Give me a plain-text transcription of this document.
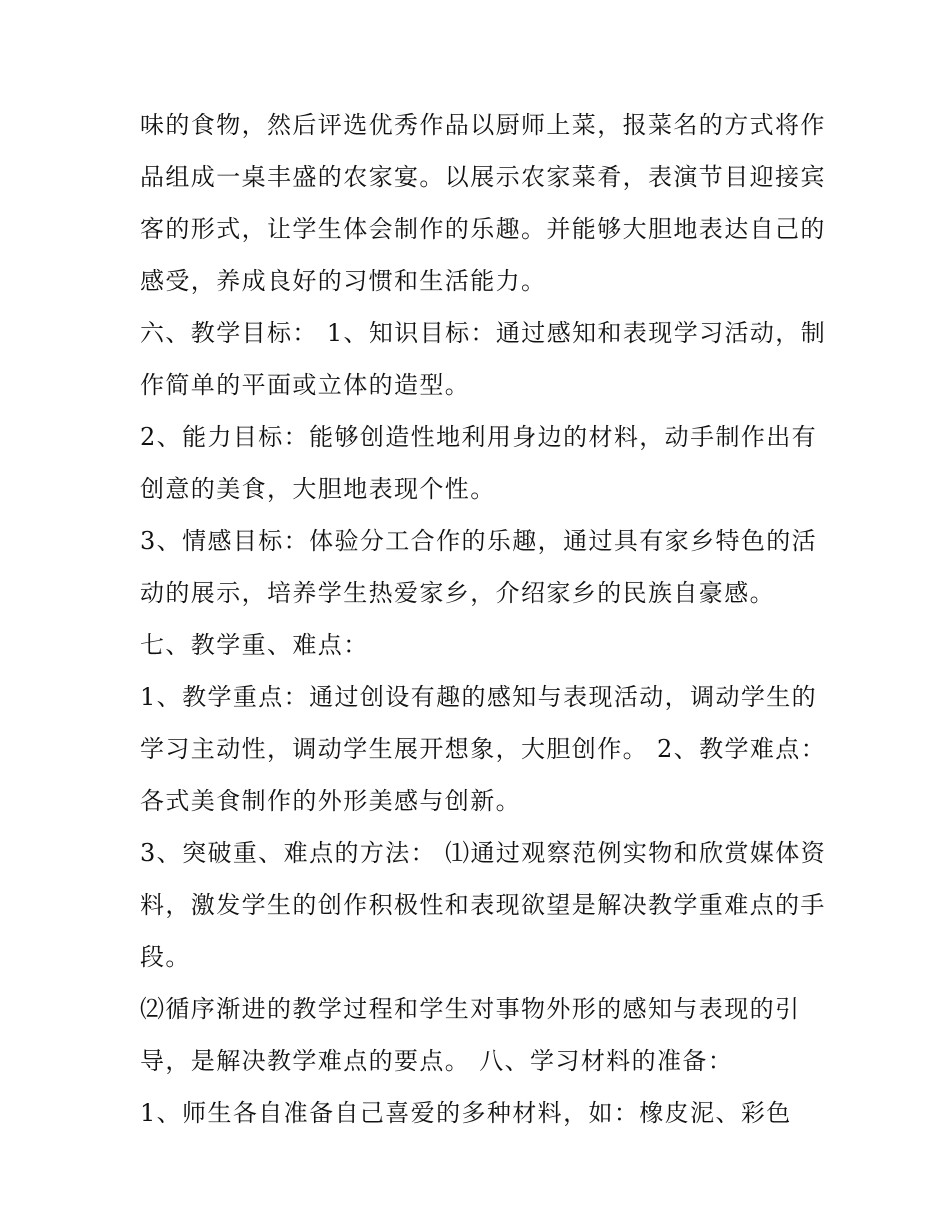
味的食物，然后评选优秀作品以厨师上菜，报菜名的方式将作
品组成一桌丰盛的农家宴。以展示农家菜肴，表演节目迎接宾
客的形式，让学生体会制作的乐趣。并能够大胆地表达自己的
感受，养成良好的习惯和生活能力。
六、教学目标： 1、知识目标：通过感知和表现学习活动，制
作简单的平面或立体的造型。
2、能力目标：能够创造性地利用身边的材料，动手制作出有
创意的美食，大胆地表现个性。
3、情感目标：体验分工合作的乐趣，通过具有家乡特色的活
动的展示，培养学生热爱家乡，介绍家乡的民族自豪感。
七、教学重、难点：
1、教学重点：通过创设有趣的感知与表现活动，调动学生的
学习主动性，调动学生展开想象，大胆创作。 2、教学难点：
各式美食制作的外形美感与创新。
3、突破重、难点的方法： ⑴通过观察范例实物和欣赏媒体资
料，激发学生的创作积极性和表现欲望是解决教学重难点的手
段。
⑵循序渐进的教学过程和学生对事物外形的感知与表现的引
导，是解决教学难点的要点。 八、学习材料的准备：
1、师生各自准备自己喜爱的多种材料，如：橡皮泥、彩色
